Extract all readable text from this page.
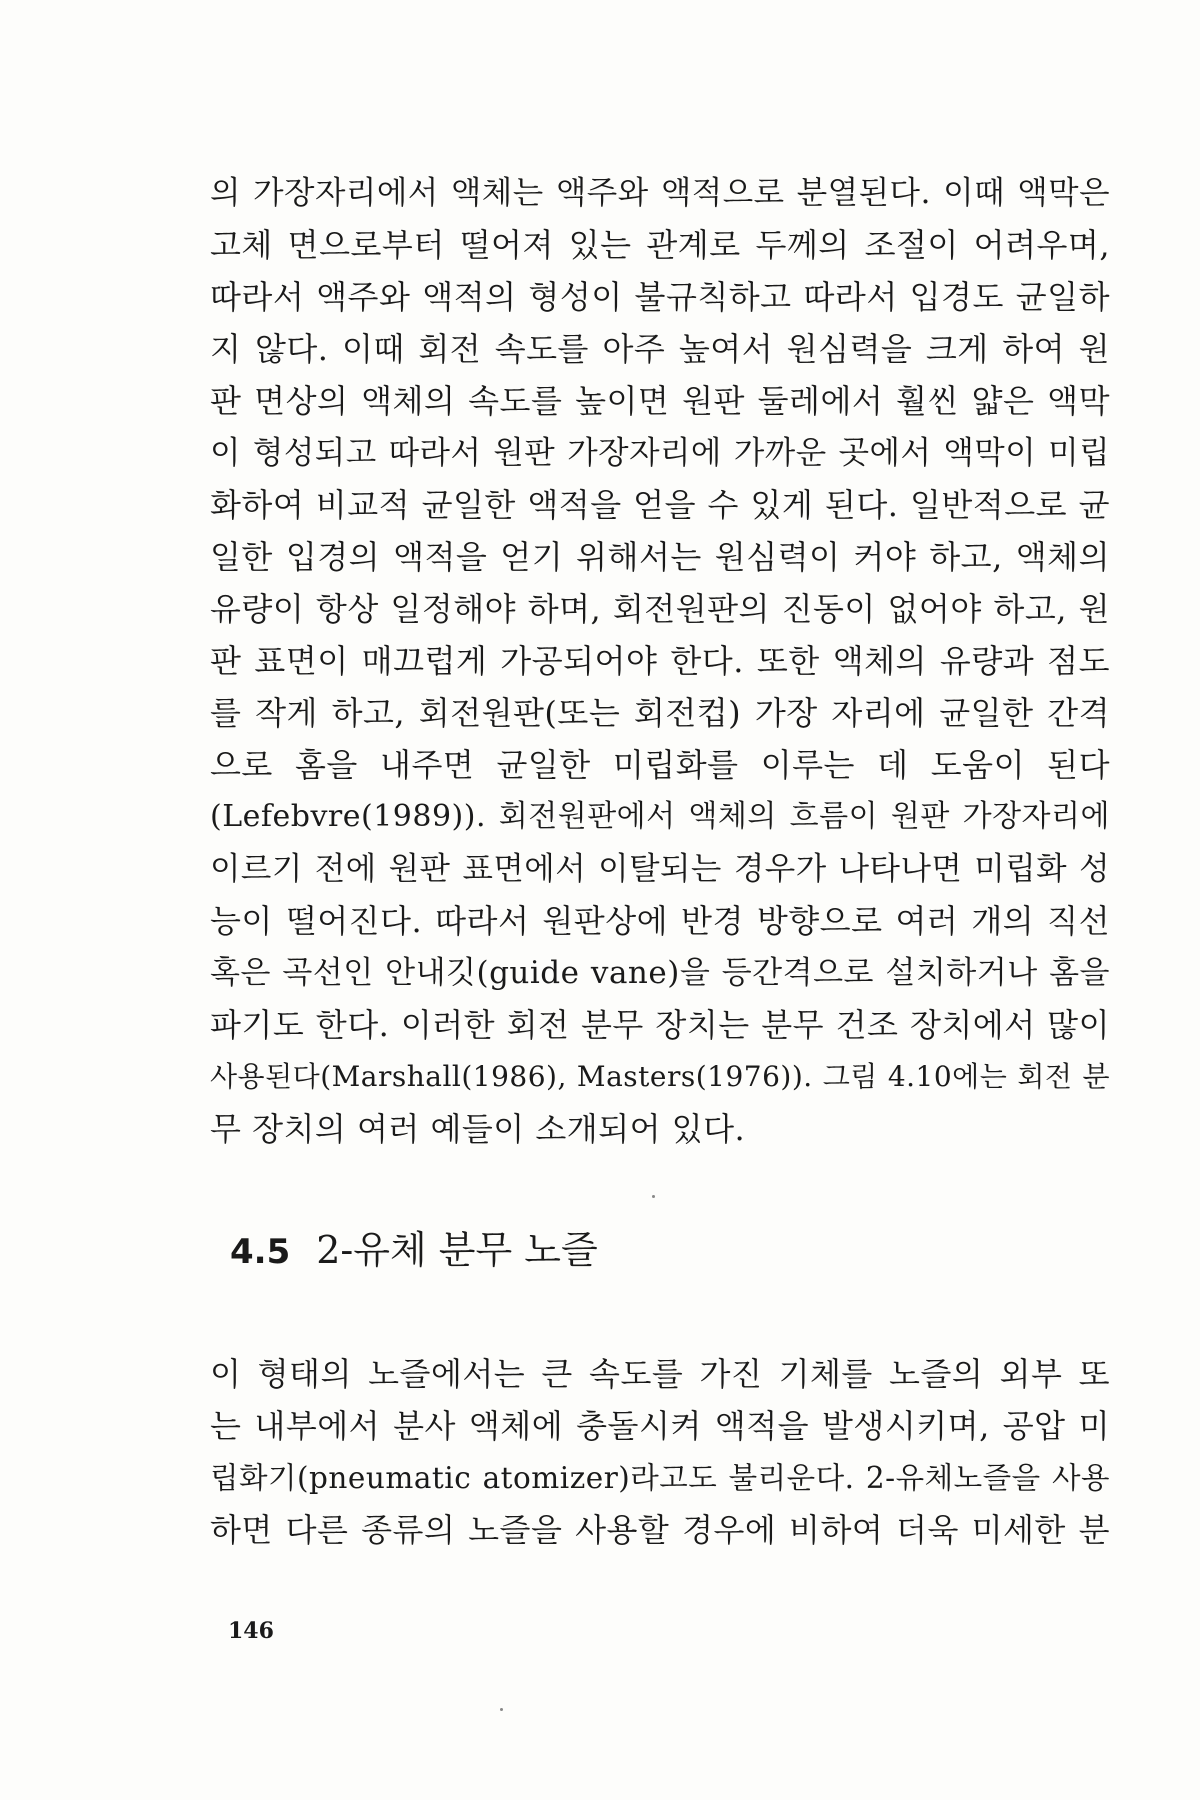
의 가장자리에서 액체는 액주와 액적으로 분열된다. 이때 액막은
고체 면으로부터 떨어져 있는 관계로 두께의 조절이 어려우며,
따라서 액주와 액적의 형성이 불규칙하고 따라서 입경도 균일하
지 않다. 이때 회전 속도를 아주 높여서 원심력을 크게 하여 원
판 면상의 액체의 속도를 높이면 원판 둘레에서 훨씬 얇은 액막
이 형성되고 따라서 원판 가장자리에 가까운 곳에서 액막이 미립
화하여 비교적 균일한 액적을 얻을 수 있게 된다. 일반적으로 균
일한 입경의 액적을 얻기 위해서는 원심력이 커야 하고, 액체의
유량이 항상 일정해야 하며, 회전원판의 진동이 없어야 하고, 원
판 표면이 매끄럽게 가공되어야 한다. 또한 액체의 유량과 점도
를 작게 하고, 회전원판(또는 회전컵) 가장 자리에 균일한 간격
으로 홈을 내주면 균일한 미립화를 이루는 데 도움이 된다
(Lefebvre(1989)). 회전원판에서 액체의 흐름이 원판 가장자리에
이르기 전에 원판 표면에서 이탈되는 경우가 나타나면 미립화 성
능이 떨어진다. 따라서 원판상에 반경 방향으로 여러 개의 직선
혹은 곡선인 안내깃(guide vane)을 등간격으로 설치하거나 홈을
파기도 한다. 이러한 회전 분무 장치는 분무 건조 장치에서 많이
사용된다(Marshall(1986), Masters(1976)). 그림 4.10에는 회전 분
무 장치의 여러 예들이 소개되어 있다.
4.5 2-유체 분무 노즐
이 형태의 노즐에서는 큰 속도를 가진 기체를 노즐의 외부 또
는 내부에서 분사 액체에 충돌시켜 액적을 발생시키며, 공압 미
립화기(pneumatic atomizer)라고도 불리운다. 2-유체노즐을 사용
하면 다른 종류의 노즐을 사용할 경우에 비하여 더욱 미세한 분
146
